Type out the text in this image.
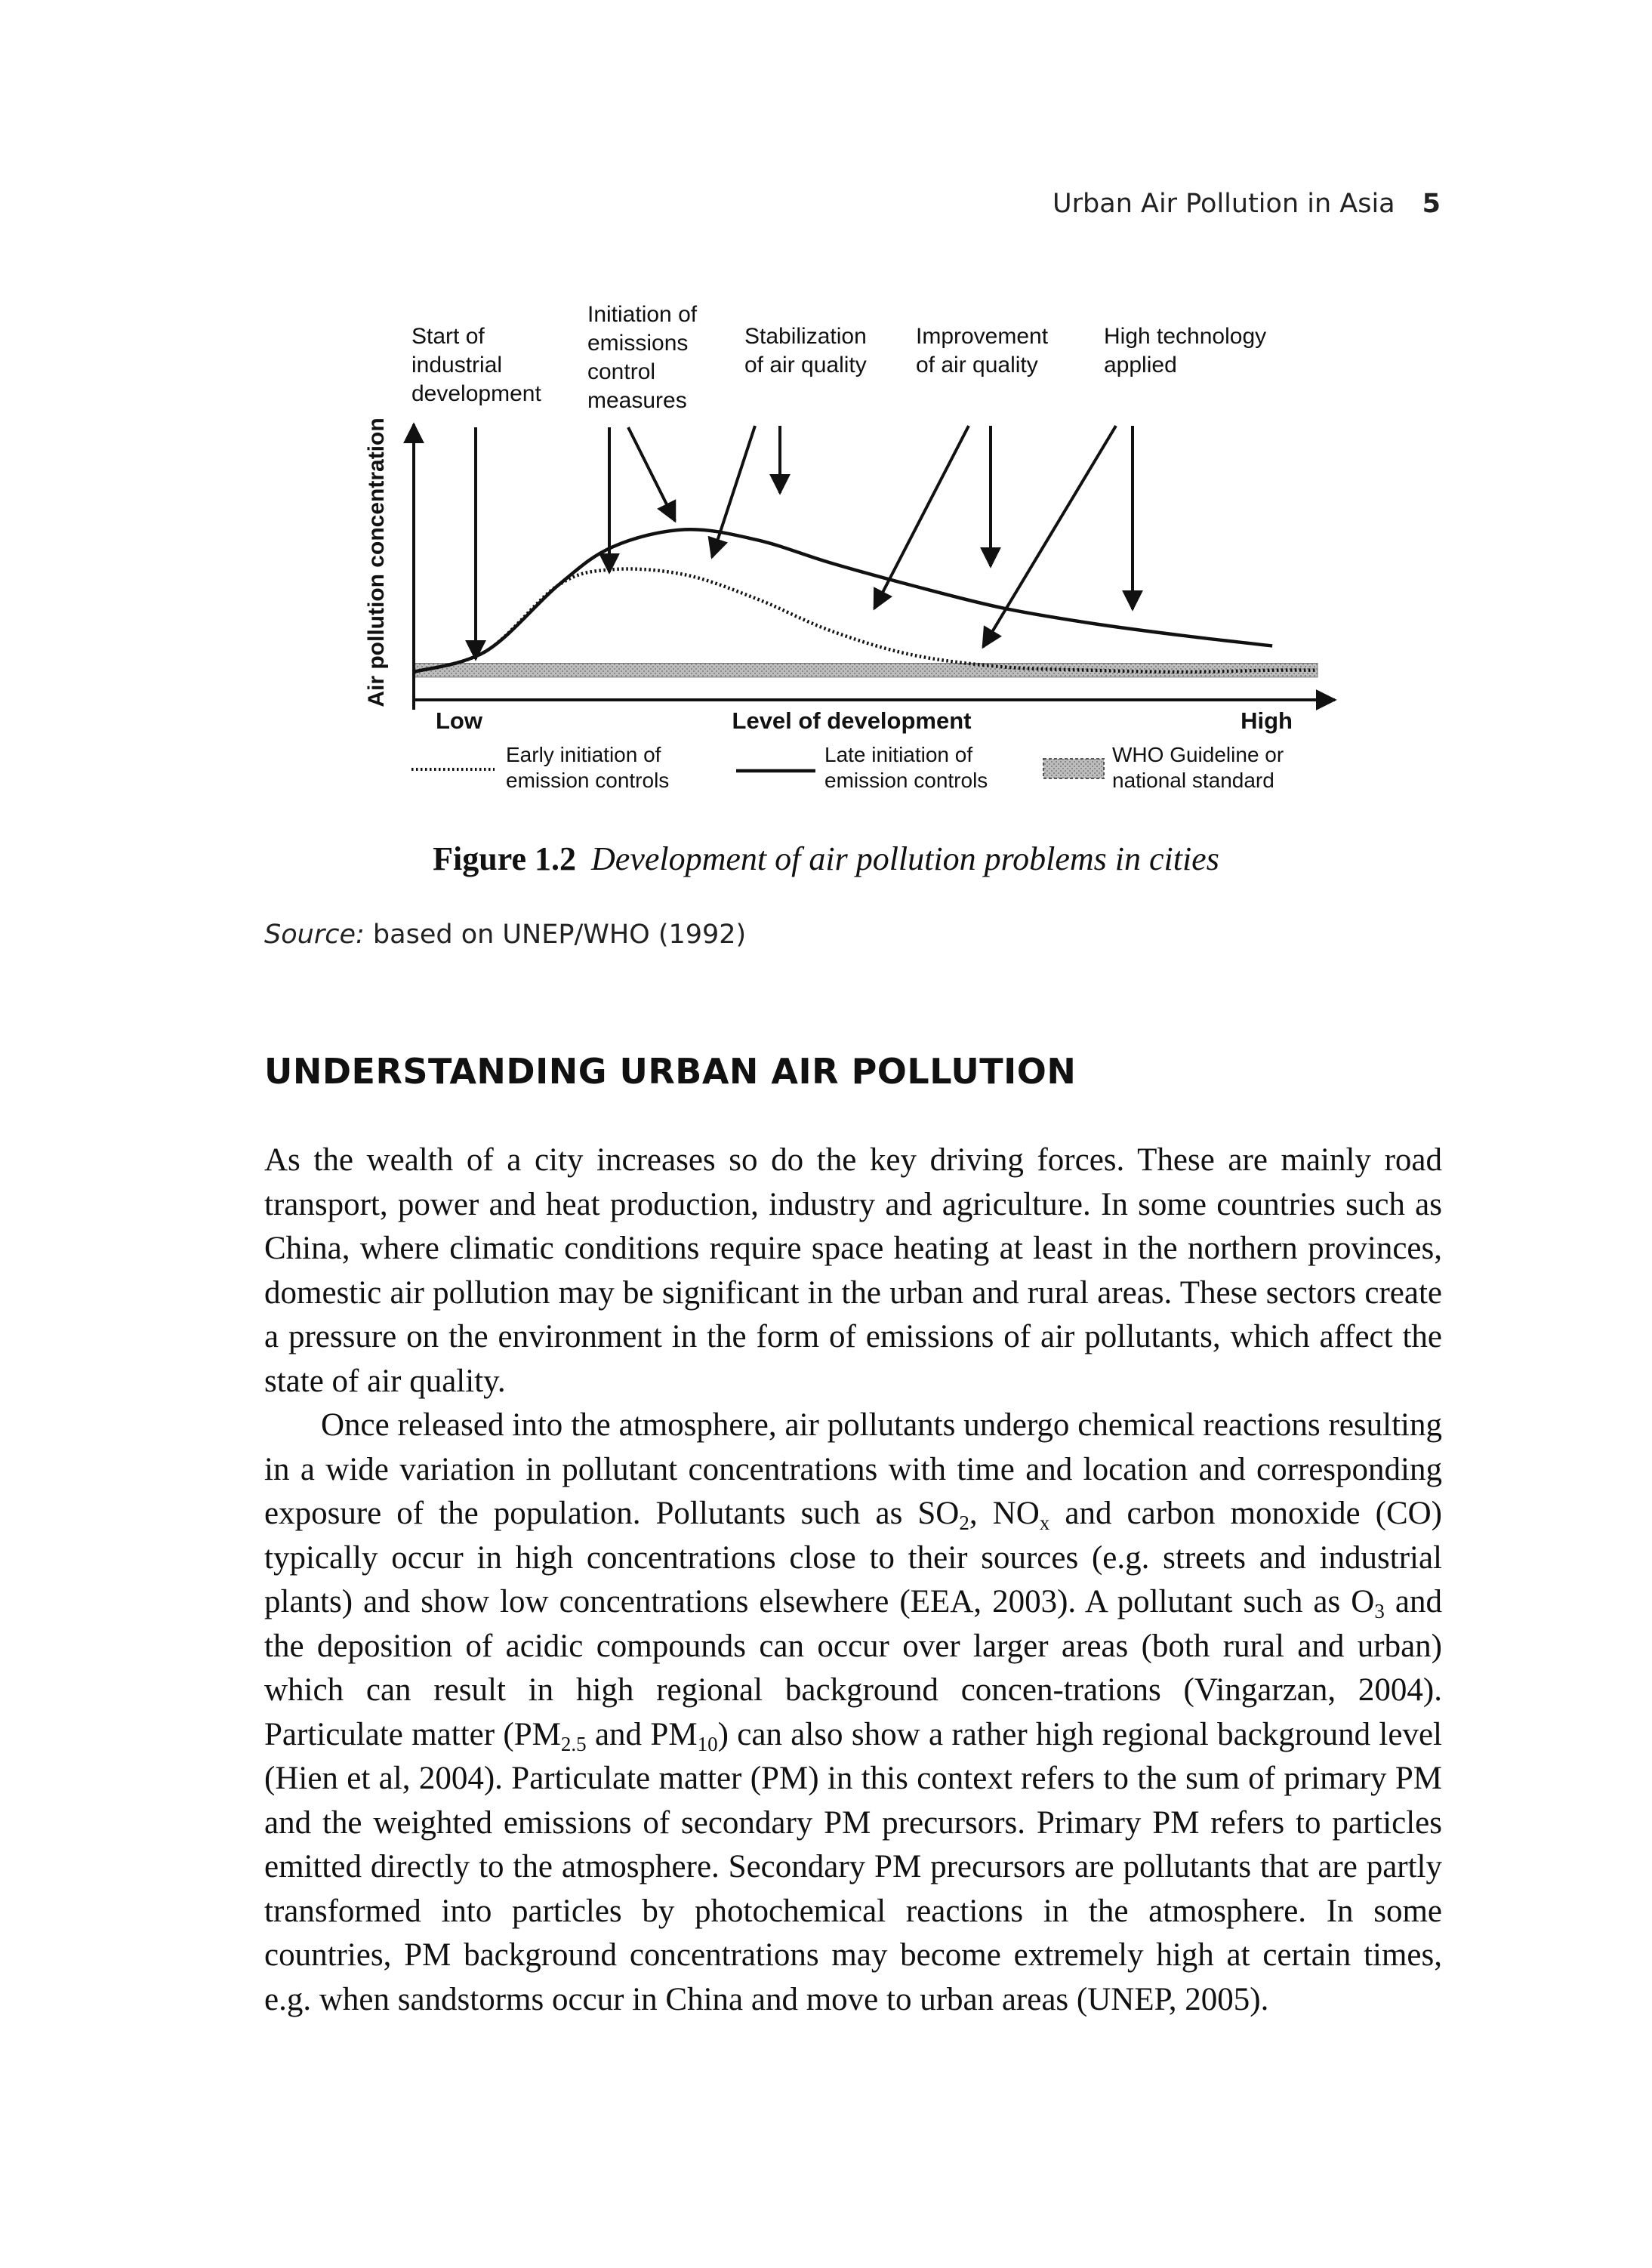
Urban Air Pollution in Asia 5
Air pollution concentration
Low	Level of development	High
Start of industrial development
Initiation of emissions control measures
Stabilization of air quality
Improvement of air quality
High technology applied
Early initiation of emission controls
Late initiation of emission controls
WHO Guideline or national standard
Figure 1.2 Development of air pollution problems in cities
Source: based on UNEP/WHO (1992)
UNDERSTANDING URBAN AIR POLLUTION

As the wealth of a city increases so do the key driving forces. These are mainly road transport, power and heat production, industry and agriculture. In some countries such as China, where climatic conditions require space heating at least in the northern provinces, domestic air pollution may be significant in the urban and rural areas. These sectors create a pressure on the environment in the form of emissions of air pollutants, which affect the state of air quality.

Once released into the atmosphere, air pollutants undergo chemical reactions resulting in a wide variation in pollutant concentrations with time and location and corresponding exposure of the population. Pollutants such as $SO_2$, $NO_x$ and carbon monoxide (CO) typically occur in high concentrations close to their sources (e.g. streets and industrial plants) and show low concentrations elsewhere (EEA, 2003). A pollutant such as $O_3$ and the deposition of acidic compounds can occur over larger areas (both rural and urban) which can result in high regional background concen-trations (Vingarzan, 2004). Particulate matter ($PM_{2.5}$ and $PM_{10}$) can also show a rather high regional background level (Hien et al, 2004). Particulate matter (PM) in this context refers to the sum of primary PM and the weighted emissions of secondary PM precursors. Primary PM refers to particles emitted directly to the atmosphere. Secondary PM precursors are pollutants that are partly transformed into particles by photochemical reactions in the atmosphere. In some countries, PM background concentrations may become extremely high at certain times, e.g. when sandstorms occur in China and move to urban areas (UNEP, 2005).
